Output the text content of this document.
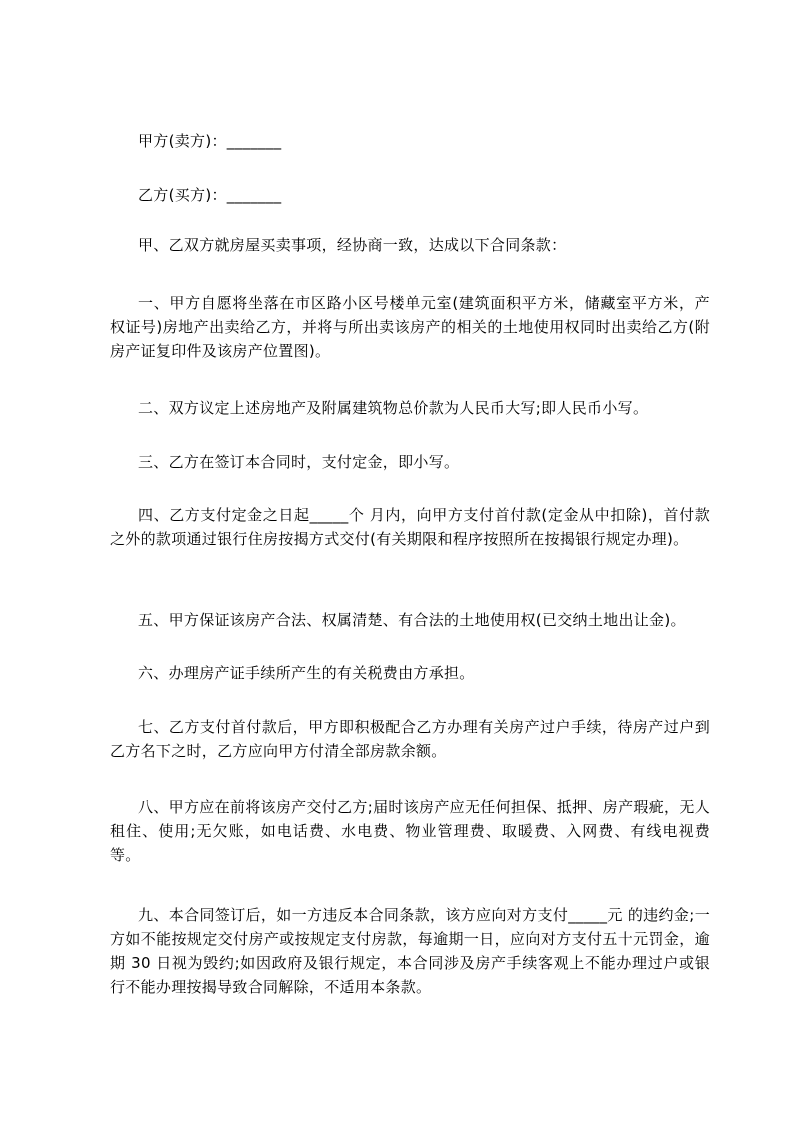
甲方(卖方)：_______

乙方(买方)：_______

甲、乙双方就房屋买卖事项，经协商一致，达成以下合同条款：

一、甲方自愿将坐落在市区路小区号楼单元室(建筑面积平方米，储藏室平方米，产权证号)房地产出卖给乙方，并将与所出卖该房产的相关的土地使用权同时出卖给乙方(附房产证复印件及该房产位置图)。

二、双方议定上述房地产及附属建筑物总价款为人民币大写;即人民币小写。

三、乙方在签订本合同时，支付定金，即小写。

四、乙方支付定金之日起_____个 月内，向甲方支付首付款(定金从中扣除)，首付款之外的款项通过银行住房按揭方式交付(有关期限和程序按照所在按揭银行规定办理)。

五、甲方保证该房产合法、权属清楚、有合法的土地使用权(已交纳土地出让金)。

六、办理房产证手续所产生的有关税费由方承担。

七、乙方支付首付款后，甲方即积极配合乙方办理有关房产过户手续，待房产过户到乙方名下之时，乙方应向甲方付清全部房款余额。

八、甲方应在前将该房产交付乙方;届时该房产应无任何担保、抵押、房产瑕疵，无人租住、使用;无欠账，如电话费、水电费、物业管理费、取暖费、入网费、有线电视费等。

九、本合同签订后，如一方违反本合同条款，该方应向对方支付_____元 的违约金;一方如不能按规定交付房产或按规定支付房款，每逾期一日，应向对方支付五十元罚金，逾期 30 日视为毁约;如因政府及银行规定，本合同涉及房产手续客观上不能办理过户或银行不能办理按揭导致合同解除，不适用本条款。
